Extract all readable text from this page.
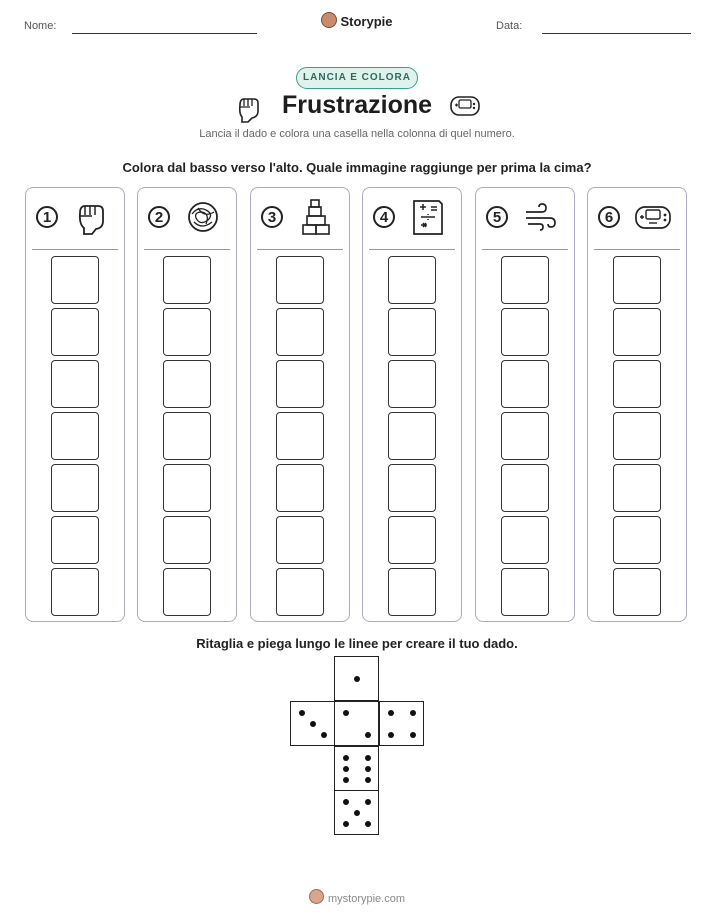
Nome:	Storypie	Data:
LANCIA E COLORA
Frustrazione
Lancia il dado e colora una casella nella colonna di quel numero.
Colora dal basso verso l'alto. Quale immagine raggiunge per prima la cima?
1	2	3	4	5	6
Ritaglia e piega lungo le linee per creare il tuo dado.
mystorypie.com
